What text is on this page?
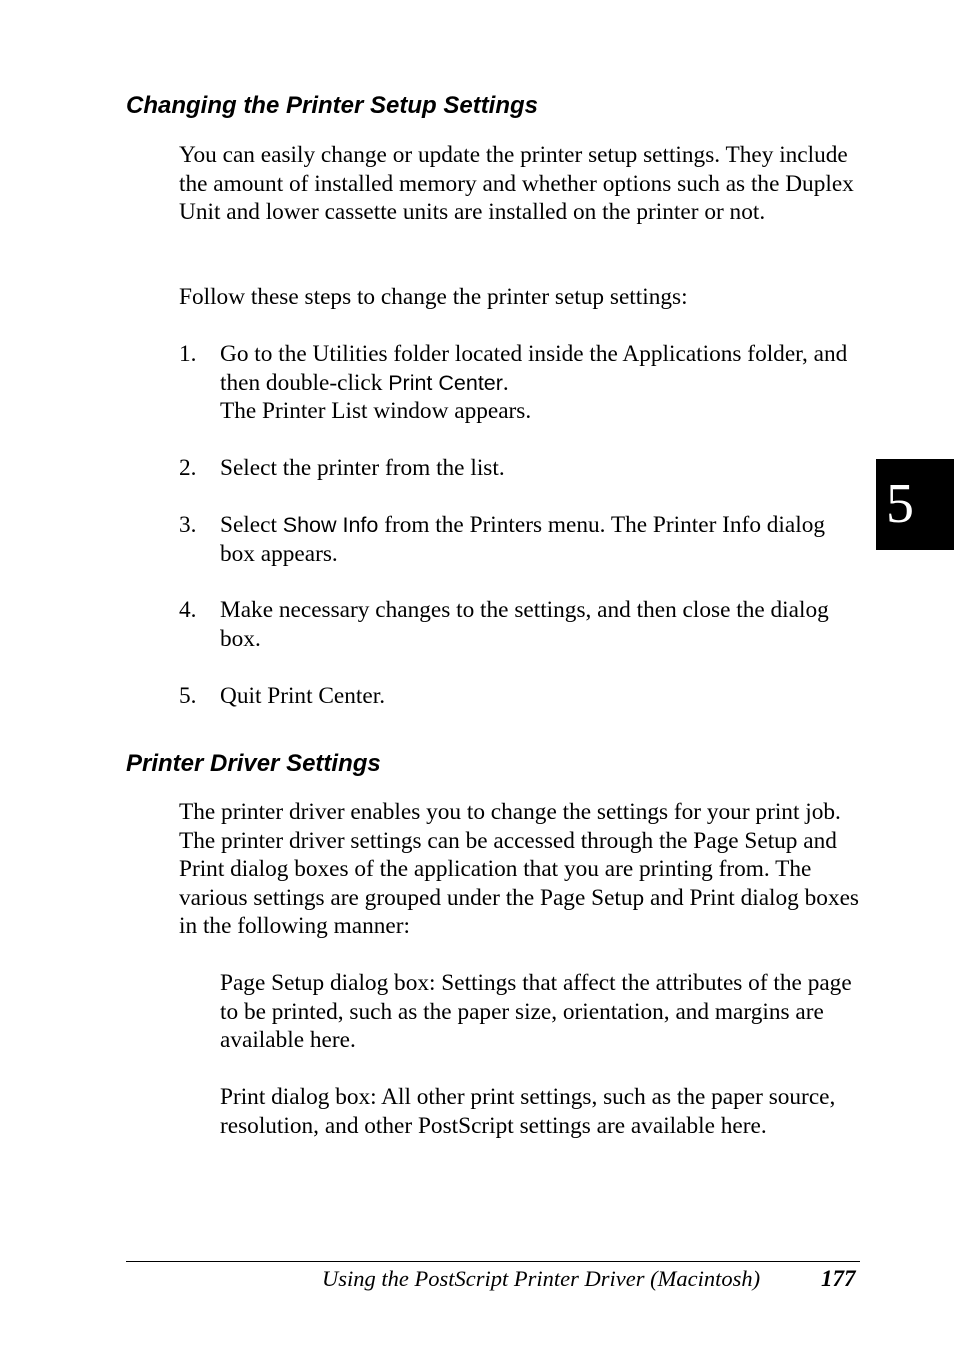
Changing the Printer Setup Settings

You can easily change or update the printer setup settings. They include the amount of installed memory and whether options such as the Duplex Unit and lower cassette units are installed on the printer or not.

Follow these steps to change the printer setup settings:

1.	Go to the Utilities folder located inside the Applications folder, and then double-click Print Center.
The Printer List window appears.
2.	Select the printer from the list.
3.	Select Show Info from the Printers menu. The Printer Info dialog box appears.
4.	Make necessary changes to the settings, and then close the dialog box.
5.	Quit Print Center.
Printer Driver Settings

The printer driver enables you to change the settings for your print job. The printer driver settings can be accessed through the Page Setup and Print dialog boxes of the application that you are printing from. The various settings are grouped under the Page Setup and Print dialog boxes in the following manner:

Page Setup dialog box: Settings that affect the attributes of the page to be printed, such as the paper size, orientation, and margins are available here.

Print dialog box: All other print settings, such as the paper source, resolution, and other PostScript settings are available here.

5
Using the PostScript Printer Driver (Macintosh)	177
